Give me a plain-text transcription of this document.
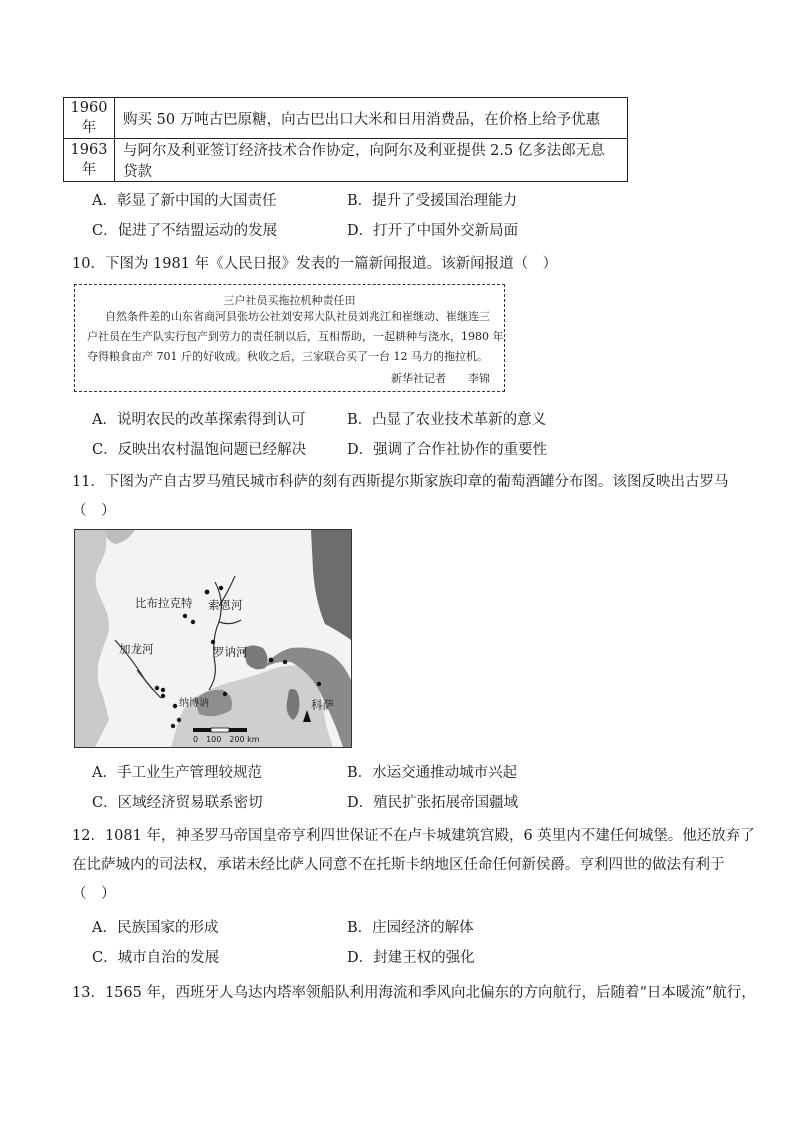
1960 年	购买 50 万吨古巴原糖，向古巴出口大米和日用消费品，在价格上给予优惠
1963 年	与阿尔及利亚签订经济技术合作协定，向阿尔及利亚提供 2.5 亿多法郎无息贷款
A．彰显了新中国的大国责任	B．提升了受援国治理能力
C．促进了不结盟运动的发展	D．打开了中国外交新局面
10．下图为 1981 年《人民日报》发表的一篇新闻报道。该新闻报道（　）
三户社员买拖拉机种责任田
自然条件差的山东省商河县张坊公社刘安邦大队社员刘兆江和崔继动、崔继连三
户社员在生产队实行包产到劳力的责任制以后，互相帮助，一起耕种与浇水，1980 年
夺得粮食亩产 701 斤的好收成。秋收之后，三家联合买了一台 12 马力的拖拉机。
新华社记者　　李锦
A．说明农民的改革探索得到认可	B．凸显了农业技术革新的意义
C．反映出农村温饱问题已经解决	D．强调了合作社协作的重要性
11．下图为产自古罗马殖民城市科萨的刻有西斯提尔斯家族印章的葡萄酒罐分布图。该图反映出古罗马
（　）
比布拉克特 索恩河
加龙河	罗讷河
科萨
纳博讷
0　100　200 km
A．手工业生产管理较规范	B．水运交通推动城市兴起
C．区域经济贸易联系密切	D．殖民扩张拓展帝国疆域
12．1081 年，神圣罗马帝国皇帝亨利四世保证不在卢卡城建筑宫殿，6 英里内不建任何城堡。他还放弃了
在比萨城内的司法权，承诺未经比萨人同意不在托斯卡纳地区任命任何新侯爵。亨利四世的做法有利于
（　）
A．民族国家的形成	B．庄园经济的解体
C．城市自治的发展	D．封建王权的强化
13．1565 年，西班牙人乌达内塔率领船队利用海流和季风向北偏东的方向航行，后随着“日本暖流”航行，
